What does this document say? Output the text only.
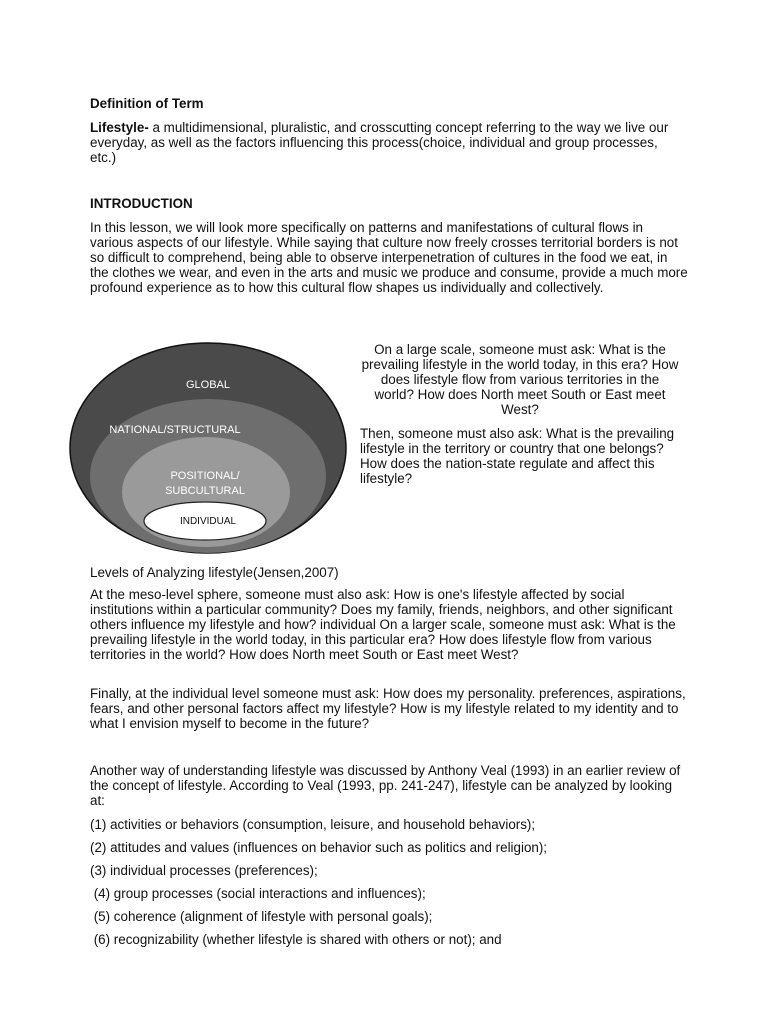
Definition of Term

Lifestyle- a multidimensional, pluralistic, and crosscutting concept referring to the way we live our everyday, as well as the factors influencing this process(choice, individual and group processes, etc.)

INTRODUCTION

In this lesson, we will look more specifically on patterns and manifestations of cultural flows in various aspects of our lifestyle. While saying that culture now freely crosses territorial borders is not so difficult to comprehend, being able to observe interpenetration of cultures in the food we eat, in the clothes we wear, and even in the arts and music we produce and consume, provide a much more profound experience as to how this cultural flow shapes us individually and collectively.

GLOBAL
NATIONAL/STRUCTURAL
POSITIONAL/
SUBCULTURAL
INDIVIDUAL

On a large scale, someone must ask: What is the prevailing lifestyle in the world today, in this era? How does lifestyle flow from various territories in the world? How does North meet South or East meet West?

Then, someone must also ask: What is the prevailing lifestyle in the territory or country that one belongs? How does the nation-state regulate and affect this lifestyle?

Levels of Analyzing lifestyle(Jensen,2007)

At the meso-level sphere, someone must also ask: How is one's lifestyle affected by social institutions within a particular community? Does my family, friends, neighbors, and other significant others influence my lifestyle and how? individual On a larger scale, someone must ask: What is the prevailing lifestyle in the world today, in this particular era? How does lifestyle flow from various territories in the world? How does North meet South or East meet West?

Finally, at the individual level someone must ask: How does my personality. preferences, aspirations, fears, and other personal factors affect my lifestyle? How is my lifestyle related to my identity and to what I envision myself to become in the future?

Another way of understanding lifestyle was discussed by Anthony Veal (1993) in an earlier review of the concept of lifestyle. According to Veal (1993, pp. 241-247), lifestyle can be analyzed by looking at:

(1) activities or behaviors (consumption, leisure, and household behaviors);

(2) attitudes and values (influences on behavior such as politics and religion);

(3) individual processes (preferences);

(4) group processes (social interactions and influences);

(5) coherence (alignment of lifestyle with personal goals);

(6) recognizability (whether lifestyle is shared with others or not); and
